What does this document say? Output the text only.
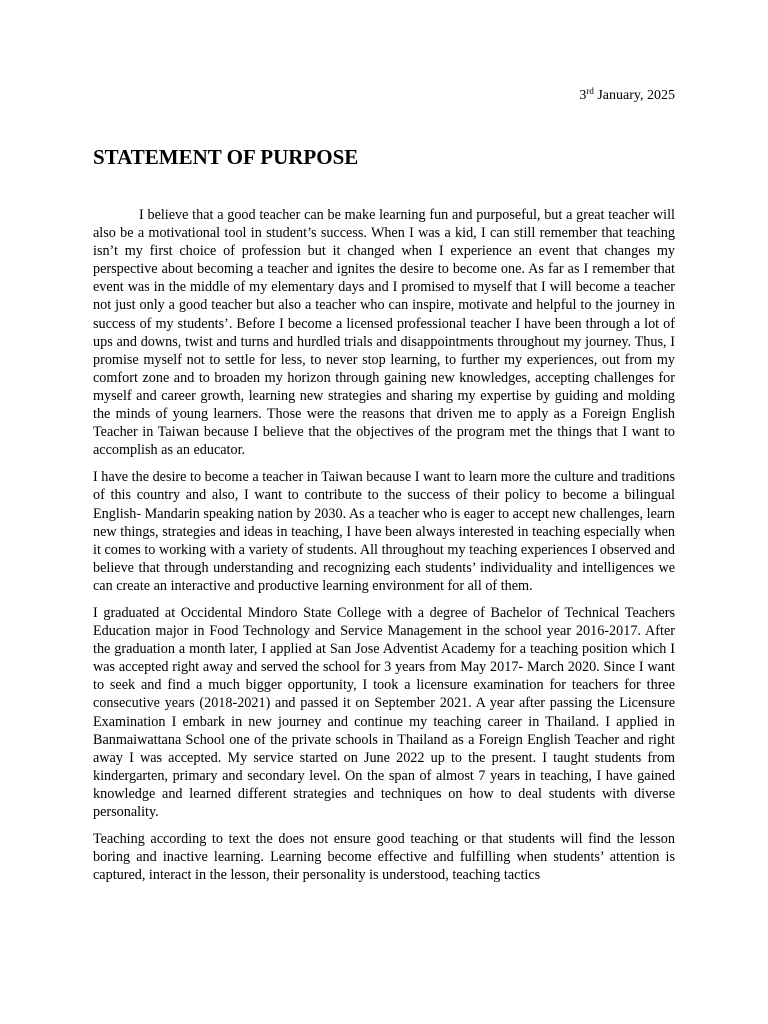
3rd January, 2025
STATEMENT OF PURPOSE

I believe that a good teacher can be make learning fun and purposeful, but a great teacher will also be a motivational tool in student’s success. When I was a kid, I can still remember that teaching isn’t my first choice of profession but it changed when I experience an event that changes my perspective about becoming a teacher and ignites the desire to become one. As far as I remember that event was in the middle of my elementary days and I promised to myself that I will become a teacher not just only a good teacher but also a teacher who can inspire, motivate and helpful to the journey in success of my students’. Before I become a licensed professional teacher I have been through a lot of ups and downs, twist and turns and hurdled trials and disappointments throughout my journey. Thus, I promise myself not to settle for less, to never stop learning, to further my experiences, out from my comfort zone and to broaden my horizon through gaining new knowledges, accepting challenges for myself and career growth, learning new strategies and sharing my expertise by guiding and molding the minds of young learners. Those were the reasons that driven me to apply as a Foreign English Teacher in Taiwan because I believe that the objectives of the program met the things that I want to accomplish as an educator.

I have the desire to become a teacher in Taiwan because I want to learn more the culture and traditions of this country and also, I want to contribute to the success of their policy to become a bilingual English- Mandarin speaking nation by 2030. As a teacher who is eager to accept new challenges, learn new things, strategies and ideas in teaching, I have been always interested in teaching especially when it comes to working with a variety of students. All throughout my teaching experiences I observed and believe that through understanding and recognizing each students’ individuality and intelligences we can create an interactive and productive learning environment for all of them.

I graduated at Occidental Mindoro State College with a degree of Bachelor of Technical Teachers Education major in Food Technology and Service Management in the school year 2016-2017. After the graduation a month later, I applied at San Jose Adventist Academy for a teaching position which I was accepted right away and served the school for 3 years from May 2017- March 2020. Since I want to seek and find a much bigger opportunity, I took a licensure examination for teachers for three consecutive years (2018-2021) and passed it on September 2021. A year after passing the Licensure Examination I embark in new journey and continue my teaching career in Thailand. I applied in Banmaiwattana School one of the private schools in Thailand as a Foreign English Teacher and right away I was accepted. My service started on June 2022 up to the present. I taught students from kindergarten, primary and secondary level. On the span of almost 7 years in teaching, I have gained knowledge and learned different strategies and techniques on how to deal students with diverse personality.

Teaching according to text the does not ensure good teaching or that students will find the lesson boring and inactive learning. Learning become effective and fulfilling when students’ attention is captured, interact in the lesson, their personality is understood, teaching tactics
